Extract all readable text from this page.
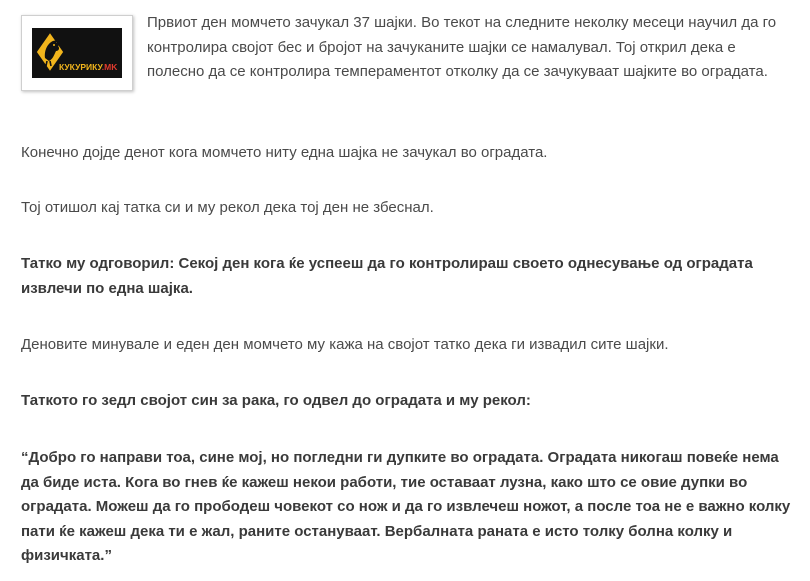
КУКУРИКУ.MK

Првиот ден момчето зачукал 37 шајки. Во текот на следните неколку месеци научил да го контролира својот бес и бројот на зачуканите шајки се намалувал. Тој открил дека е полесно да се контролира темпераментот отколку да се зачукуваат шајките во оградата.

Конечно дојде денот кога момчето ниту една шајка не зачукал во оградата.

Тој отишол кај татка си и му рекол дека тој ден не збеснал.

Татко му одговорил: Секој ден кога ќе успееш да го контролираш своето однесување од оградата извлечи по една шајка.

Деновите минувале и еден ден момчето му кажа на својот татко дека ги извадил сите шајки.

Таткото го зедл својот син за рака, го одвел до оградата и му рекол:

“Добро го направи тоа, сине мој, но погледни ги дупките во оградата. Оградата никогаш повеќе нема да биде иста. Кога во гнев ќе кажеш некои работи, тие оставаат лузна, како што се овие дупки во оградата. Можеш да го прободеш човекот со нож и да го извлечеш ножот, а после тоа не е важно колку пати ќе кажеш дека ти е жал, раните остануваат. Вербалната раната е исто толку болна колку и физичката.”
